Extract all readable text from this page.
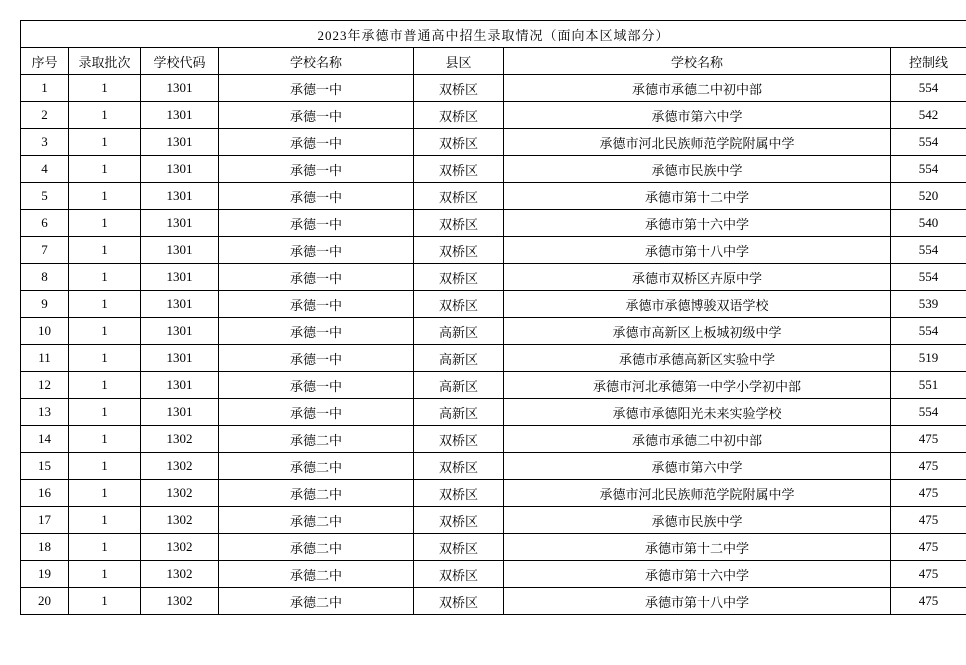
2023年承德市普通高中招生录取情况（面向本区域部分）						
序号	录取批次	学校代码	学校名称	县区	学校名称	控制线
1	1	1301	承德一中	双桥区	承德市承德二中初中部	554
2	1	1301	承德一中	双桥区	承德市第六中学	542
3	1	1301	承德一中	双桥区	承德市河北民族师范学院附属中学	554
4	1	1301	承德一中	双桥区	承德市民族中学	554
5	1	1301	承德一中	双桥区	承德市第十二中学	520
6	1	1301	承德一中	双桥区	承德市第十六中学	540
7	1	1301	承德一中	双桥区	承德市第十八中学	554
8	1	1301	承德一中	双桥区	承德市双桥区卉原中学	554
9	1	1301	承德一中	双桥区	承德市承德博骏双语学校	539
10	1	1301	承德一中	高新区	承德市高新区上板城初级中学	554
11	1	1301	承德一中	高新区	承德市承德高新区实验中学	519
12	1	1301	承德一中	高新区	承德市河北承德第一中学小学初中部	551
13	1	1301	承德一中	高新区	承德市承德阳光未来实验学校	554
14	1	1302	承德二中	双桥区	承德市承德二中初中部	475
15	1	1302	承德二中	双桥区	承德市第六中学	475
16	1	1302	承德二中	双桥区	承德市河北民族师范学院附属中学	475
17	1	1302	承德二中	双桥区	承德市民族中学	475
18	1	1302	承德二中	双桥区	承德市第十二中学	475
19	1	1302	承德二中	双桥区	承德市第十六中学	475
20	1	1302	承德二中	双桥区	承德市第十八中学	475
